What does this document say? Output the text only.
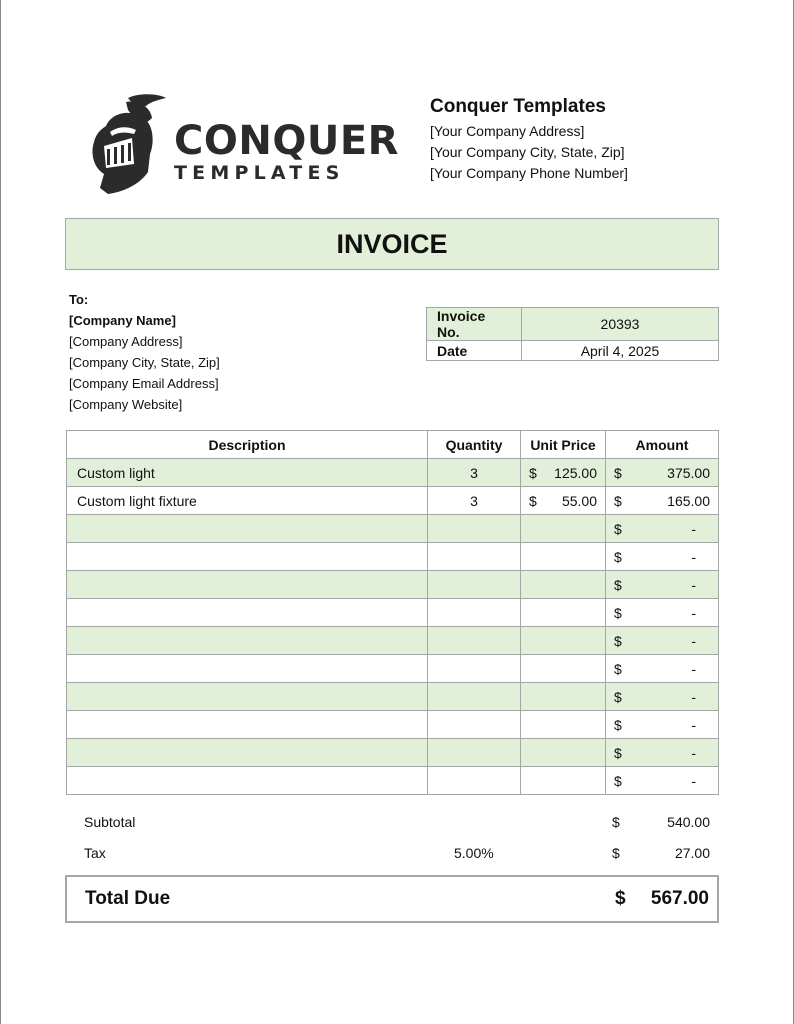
CONQUER
TEMPLATES
Conquer Templates
[Your Company Address]
[Your Company City, State, Zip]
[Your Company Phone Number]
INVOICE
To:
[Company Name]
[Company Address]
[Company City, State, Zip]
[Company Email Address]
[Company Website]
Invoice No.	20393
Date	April 4, 2025
Description	Quantity	Unit Price	Amount
Custom light	3	$ 125.00	$ 375.00

Custom light fixture	3	$ 55.00	$ 165.00

			$ -

			$ -

			$ -

			$ -

			$ -

			$ -

			$ -

			$ -

			$ -

			$ -
Subtotal	$	540.00
Tax	5.00%	$	27.00
Total Due	$ 567.00
